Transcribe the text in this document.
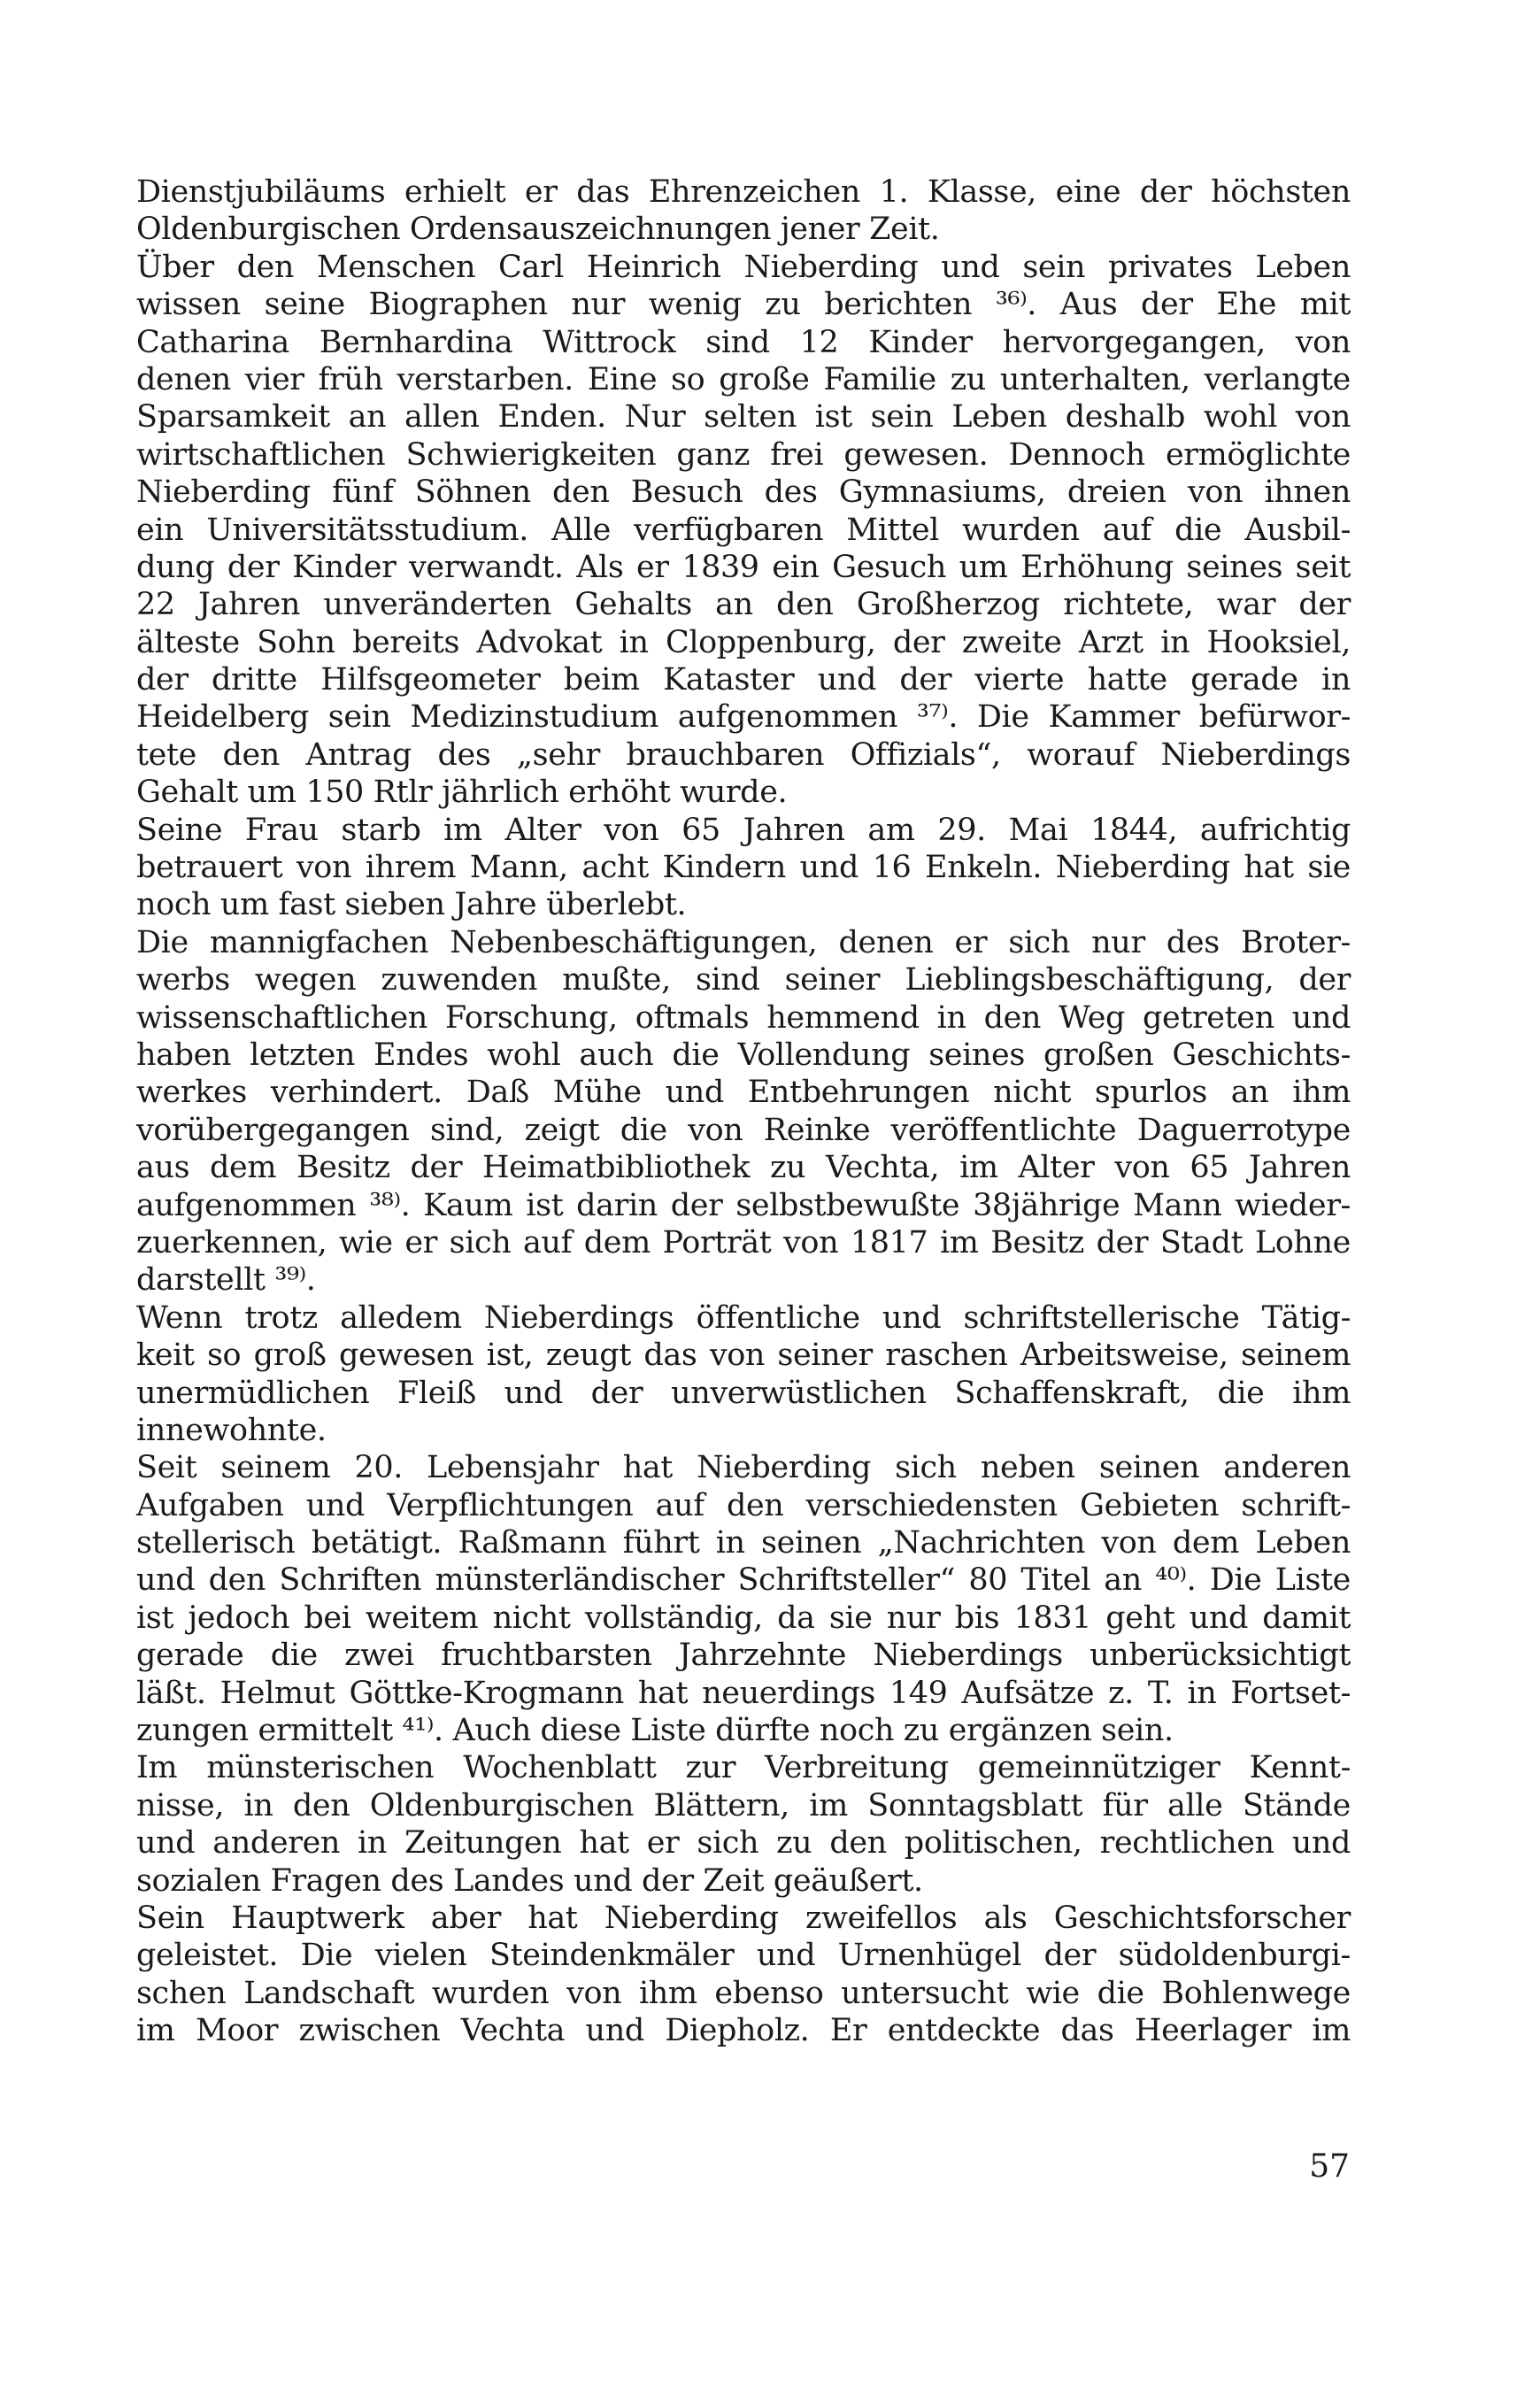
Dienstjubiläums erhielt er das Ehrenzeichen 1. Klasse, eine der höchsten
Oldenburgischen Ordensauszeichnungen jener Zeit.
Über den Menschen Carl Heinrich Nieberding und sein privates Leben
wissen seine Biographen nur wenig zu berichten ³⁶⁾. Aus der Ehe mit
Catharina Bernhardina Wittrock sind 12 Kinder hervorgegangen, von
denen vier früh verstarben. Eine so große Familie zu unterhalten, verlangte
Sparsamkeit an allen Enden. Nur selten ist sein Leben deshalb wohl von
wirtschaftlichen Schwierigkeiten ganz frei gewesen. Dennoch ermöglichte
Nieberding fünf Söhnen den Besuch des Gymnasiums, dreien von ihnen
ein Universitätsstudium. Alle verfügbaren Mittel wurden auf die Ausbil-
dung der Kinder verwandt. Als er 1839 ein Gesuch um Erhöhung seines seit
22 Jahren unveränderten Gehalts an den Großherzog richtete, war der
älteste Sohn bereits Advokat in Cloppenburg, der zweite Arzt in Hooksiel,
der dritte Hilfsgeometer beim Kataster und der vierte hatte gerade in
Heidelberg sein Medizinstudium aufgenommen ³⁷⁾. Die Kammer befürwor-
tete den Antrag des „sehr brauchbaren Offizials“, worauf Nieberdings
Gehalt um 150 Rtlr jährlich erhöht wurde.
Seine Frau starb im Alter von 65 Jahren am 29. Mai 1844, aufrichtig
betrauert von ihrem Mann, acht Kindern und 16 Enkeln. Nieberding hat sie
noch um fast sieben Jahre überlebt.
Die mannigfachen Nebenbeschäftigungen, denen er sich nur des Broter-
werbs wegen zuwenden mußte, sind seiner Lieblingsbeschäftigung, der
wissenschaftlichen Forschung, oftmals hemmend in den Weg getreten und
haben letzten Endes wohl auch die Vollendung seines großen Geschichts-
werkes verhindert. Daß Mühe und Entbehrungen nicht spurlos an ihm
vorübergegangen sind, zeigt die von Reinke veröffentlichte Daguerrotype
aus dem Besitz der Heimatbibliothek zu Vechta, im Alter von 65 Jahren
aufgenommen ³⁸⁾. Kaum ist darin der selbstbewußte 38jährige Mann wieder-
zuerkennen, wie er sich auf dem Porträt von 1817 im Besitz der Stadt Lohne
darstellt ³⁹⁾.
Wenn trotz alledem Nieberdings öffentliche und schriftstellerische Tätig-
keit so groß gewesen ist, zeugt das von seiner raschen Arbeitsweise, seinem
unermüdlichen Fleiß und der unverwüstlichen Schaffenskraft, die ihm
innewohnte.
Seit seinem 20. Lebensjahr hat Nieberding sich neben seinen anderen
Aufgaben und Verpflichtungen auf den verschiedensten Gebieten schrift-
stellerisch betätigt. Raßmann führt in seinen „Nachrichten von dem Leben
und den Schriften münsterländischer Schriftsteller“ 80 Titel an ⁴⁰⁾. Die Liste
ist jedoch bei weitem nicht vollständig, da sie nur bis 1831 geht und damit
gerade die zwei fruchtbarsten Jahrzehnte Nieberdings unberücksichtigt
läßt. Helmut Göttke-Krogmann hat neuerdings 149 Aufsätze z. T. in Fortset-
zungen ermittelt ⁴¹⁾. Auch diese Liste dürfte noch zu ergänzen sein.
Im münsterischen Wochenblatt zur Verbreitung gemeinnütziger Kennt-
nisse, in den Oldenburgischen Blättern, im Sonntagsblatt für alle Stände
und anderen in Zeitungen hat er sich zu den politischen, rechtlichen und
sozialen Fragen des Landes und der Zeit geäußert.
Sein Hauptwerk aber hat Nieberding zweifellos als Geschichtsforscher
geleistet. Die vielen Steindenkmäler und Urnenhügel der südoldenburgi-
schen Landschaft wurden von ihm ebenso untersucht wie die Bohlenwege
im Moor zwischen Vechta und Diepholz. Er entdeckte das Heerlager im
57
